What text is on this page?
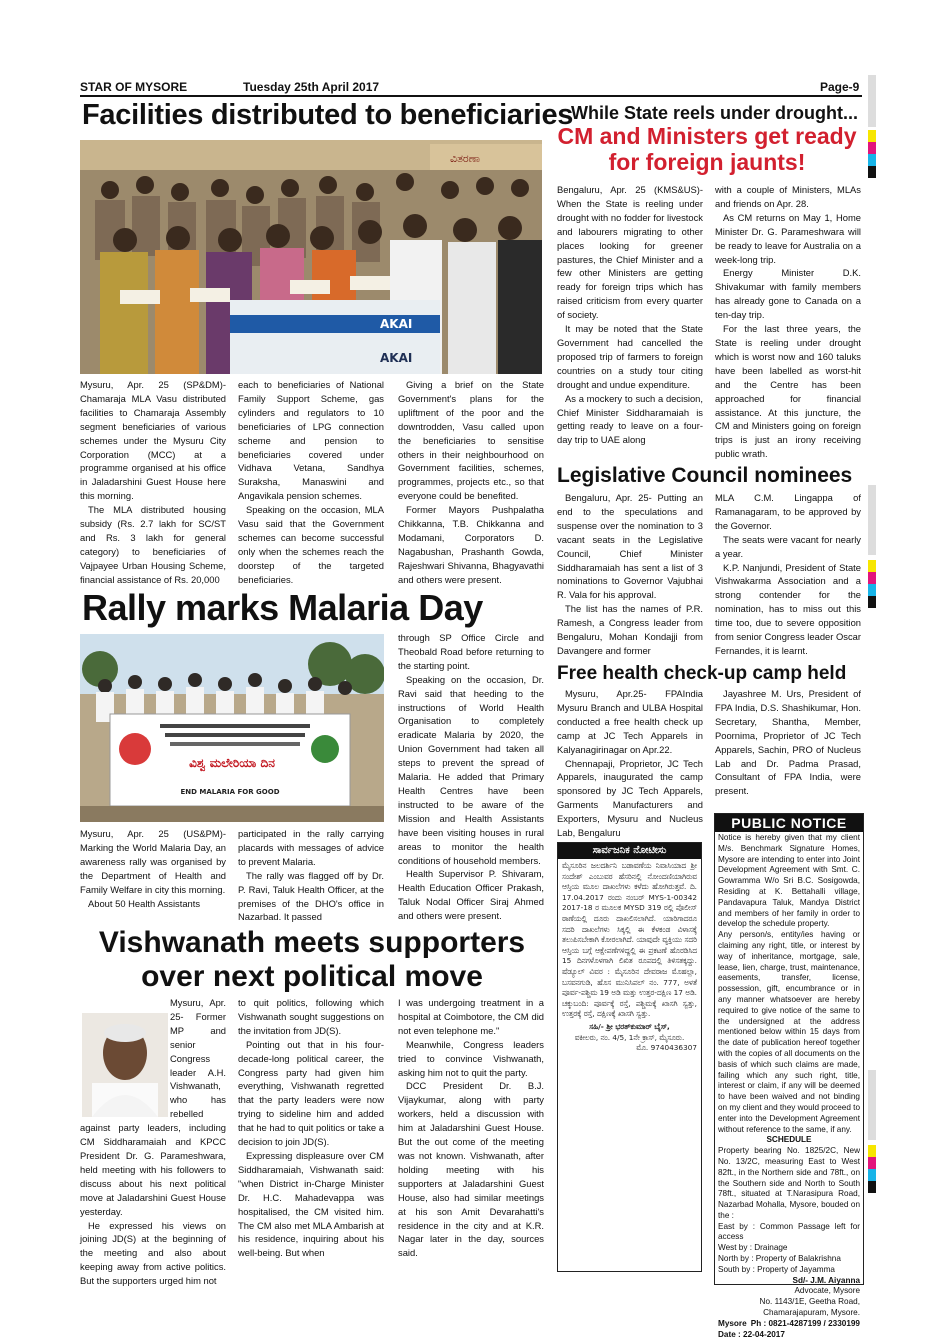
STAR OF MYSORE	Tuesday 25th April 2017	Page-9
Facilities distributed to beneficiaries
ವಿತರಣಾ
AKAI
AKAI

Mysuru, Apr. 25 (SP&DM)- Chamaraja MLA Vasu distributed facilities to Chamaraja Assembly segment beneficiaries of various schemes under the Mysuru City Corporation (MCC) at a programme organised at his office in Jaladarshini Guest House here this morning.

The MLA distributed housing subsidy (Rs. 2.7 lakh for SC/ST and Rs. 3 lakh for general category) to beneficiaries of Vajpayee Urban Housing Scheme, financial assistance of Rs. 20,000

each to beneficiaries of National Family Support Scheme, gas cylinders and regulators to 10 beneficiaries of LPG connection scheme and pension to beneficiaries covered under Vidhava Vetana, Sandhya Suraksha, Manaswini and Angavikala pension schemes.

Speaking on the occasion, MLA Vasu said that the Government schemes can become successful only when the schemes reach the doorstep of the targeted beneficiaries.

Giving a brief on the State Government's plans for the upliftment of the poor and the downtrodden, Vasu called upon the beneficiaries to sensitise others in their neighbourhood on Government facilities, schemes, programmes, projects etc., so that everyone could be benefited.

Former Mayors Pushpalatha Chikkanna, T.B. Chikkanna and Modamani, Corporators D. Nagabushan, Prashanth Gowda, Rajeshwari Shivanna, Bhagyavathi and others were present.

While State reels under drought...
CM and Ministers get ready
for foreign jaunts!

Bengaluru, Apr. 25 (KMS&US)- When the State is reeling under drought with no fodder for livestock and labourers migrating to other places looking for greener pastures, the Chief Minister and a few other Ministers are getting ready for foreign trips which has raised criticism from every quarter of society.

It may be noted that the State Government had cancelled the proposed trip of farmers to foreign countries on a study tour citing drought and undue expenditure.

As a mockery to such a decision, Chief Minister Siddharamaiah is getting ready to leave on a four-day trip to UAE along

with a couple of Ministers, MLAs and friends on Apr. 28.

As CM returns on May 1, Home Minister Dr. G. Parameshwara will be ready to leave for Australia on a week-long trip.

Energy Minister D.K. Shivakumar with family members has already gone to Canada on a ten-day trip.

For the last three years, the State is reeling under drought which is worst now and 160 taluks have been labelled as worst-hit and the Centre has been approached for financial assistance. At this juncture, the CM and Ministers going on foreign trips is just an irony receiving public wrath.

Legislative Council nominees

Bengaluru, Apr. 25- Putting an end to the speculations and suspense over the nomination to 3 vacant seats in the Legislative Council, Chief Minister Siddharamaiah has sent a list of 3 nominations to Governor Vajubhai R. Vala for his approval.

The list has the names of P.R. Ramesh, a Congress leader from Bengaluru, Mohan Kondajji from Davangere and former

MLA C.M. Lingappa of Ramanagaram, to be approved by the Governor.

The seats were vacant for nearly a year.

K.P. Nanjundi, President of State Vishwakarma Association and a strong contender for the nomination, has to miss out this time too, due to severe opposition from senior Congress leader Oscar Fernandes, it is learnt.

Rally marks Malaria Day
ವಿಶ್ವ ಮಲೇರಿಯಾ ದಿನ
END MALARIA FOR GOOD

Mysuru, Apr. 25 (US&PM)- Marking the World Malaria Day, an awareness rally was organised by the Department of Health and Family Welfare in city this morning.

About 50 Health Assistants

participated in the rally carrying placards with messages of advice to prevent Malaria.

The rally was flagged off by Dr. P. Ravi, Taluk Health Officer, at the premises of the DHO's office in Nazarbad. It passed

through SP Office Circle and Theobald Road before returning to the starting point.

Speaking on the occasion, Dr. Ravi said that heeding to the instructions of World Health Organisation to completely eradicate Malaria by 2020, the Union Government had taken all steps to prevent the spread of Malaria. He added that Primary Health Centres have been instructed to be aware of the Mission and Health Assistants have been visiting houses in rural areas to monitor the health conditions of household members.

Health Supervisor P. Shivaram, Health Education Officer Prakash, Taluk Nodal Officer Siraj Ahmed and others were present.

Free health check-up camp held

Mysuru, Apr.25- FPAIndia Mysuru Branch and ULBA Hospital conducted a free health check up camp at JC Tech Apparels in Kalyanagirinagar on Apr.22.

Chennapaji, Proprietor, JC Tech Apparels, inaugurated the camp sponsored by JC Tech Apparels, Garments Manufacturers and Exporters, Mysuru and Nucleus Lab, Bengaluru

Jayashree M. Urs, President of FPA India, D.S. Shashikumar, Hon. Secretary, Shantha, Member, Poornima, Proprietor of JC Tech Apparels, Sachin, PRO of Nucleus Lab and Dr. Padma Prasad, Consultant of FPA India, were present.

Vishwanath meets supporters
over next political move

Mysuru, Apr. 25- Former MP and senior Congress leader A.H. Vishwanath, who has rebelled against party leaders, including CM Siddharamaiah and KPCC President Dr. G. Parameshwara, held meeting with his followers to discuss about his next political move at Jaladarshini Guest House yesterday.

He expressed his views on joining JD(S) at the beginning of the meeting and also about keeping away from active politics. But the supporters urged him not

to quit politics, following which Vishwanath sought suggestions on the invitation from JD(S).

Pointing out that in his four-decade-long political career, the Congress party had given him everything, Vishwanath regretted that the party leaders were now trying to sideline him and added that he had to quit politics or take a decision to join JD(S).

Expressing displeasure over CM Siddharamaiah, Vishwanath said: "when District in-Charge Minister Dr. H.C. Mahadevappa was hospitalised, the CM visited him. The CM also met MLA Ambarish at his residence, inquiring about his well-being. But when

I was undergoing treatment in a hospital at Coimbotore, the CM did not even telephone me."

Meanwhile, Congress leaders tried to convince Vishwanath, asking him not to quit the party.

DCC President Dr. B.J. Vijaykumar, along with party workers, held a discussion with him at Jaladarshini Guest House. But the out come of the meeting was not known. Vishwanath, after holding meeting with his supporters at Jaladarshini Guest House, also had similar meetings at his son Amit Devarahatti's residence in the city and at K.R. Nagar later in the day, sources said.

ಸಾರ್ವಜನಿಕ ನೋಟೀಸು
ಮೈಸೂರಿನ ಜಲದರ್ಶಿನಿ ಬಡಾವಣೆಯ ನಿವಾಸಿಯಾದ ಶ್ರೀ ಸಂದೇಶ್ ಎಂಬುವರ ಹೆಸರಿನಲ್ಲಿ ನೋಂದಣಿಯಾಗಿರುವ ಆಸ್ತಿಯ ಮೂಲ ದಾಖಲೆಗಳು ಕಳೆದು ಹೋಗಿರುತ್ತವೆ. ದಿ. 17.04.2017 ರಂದು ನಂಬರ್ MYS-1-00342 2017-18 ರ ಮೂಲಕ MYSD 319 ರಲ್ಲಿ ಪೊಲೀಸ್ ಠಾಣೆಯಲ್ಲಿ ದೂರು ದಾಖಲಿಸಲಾಗಿದೆ. ಯಾರಿಗಾದರೂ ಸದರಿ ದಾಖಲೆಗಳು ಸಿಕ್ಕಲ್ಲಿ ಈ ಕೆಳಕಂಡ ವಿಳಾಸಕ್ಕೆ ತಲುಪಿಸಬೇಕಾಗಿ ಕೋರಲಾಗಿದೆ. ಯಾವುದೇ ವ್ಯಕ್ತಿಯು ಸದರಿ ಆಸ್ತಿಯ ಬಗ್ಗೆ ಆಕ್ಷೇಪಣೆಗಳಿದ್ದಲ್ಲಿ ಈ ಪ್ರಕಟಣೆ ಹೊರಡಿಸಿದ 15 ದಿನಗಳೊಳಗಾಗಿ ಲಿಖಿತ ರೂಪದಲ್ಲಿ ತಿಳಿಸತಕ್ಕದ್ದು. ಷೆಡ್ಯೂಲ್ ವಿವರ : ಮೈಸೂರಿನ ದೇವರಾಜ ಮೊಹಲ್ಲಾ, ಬಸವನಗುಡಿ, ಹೊಸ ಮುನಿಸಿಪಲ್ ನಂ. 777, ಅಳತೆ ಪೂರ್ವ-ಪಶ್ಚಿಮ 19 ಅಡಿ ಮತ್ತು ಉತ್ತರ-ದಕ್ಷಿಣ 17 ಅಡಿ. ಚಕ್ಕುಬಂದಿ: ಪೂರ್ವಕ್ಕೆ ರಸ್ತೆ, ಪಶ್ಚಿಮಕ್ಕೆ ಖಾಸಗಿ ಸ್ವತ್ತು, ಉತ್ತರಕ್ಕೆ ರಸ್ತೆ, ದಕ್ಷಿಣಕ್ಕೆ ಖಾಸಗಿ ಸ್ವತ್ತು.
ಸಹಿ/- ಶ್ರೀ ಭರತ್‌ಕುಮಾರ್ ಬೈಸ್,
ವಕೀಲರು, ನಂ. 4/5, 1ನೇ ಕ್ರಾಸ್, ಮೈಸೂರು.
ಮೊ. 9740436307
PUBLIC NOTICE
Notice is hereby given that my client M/s. Benchmark Signature Homes, Mysore are intending to enter into Joint Development Agreement with Smt. C. Gowramma W/o Sri B.C. Sosigowda, Residing at K. Bettahalli village, Pandavapura Taluk, Mandya District and members of her family in order to develop the schedule property.
Any person/s, entity/ies having or claiming any right, title, or interest by way of inheritance, mortgage, sale, lease, lien, charge, trust, maintenance, easements, transfer, license, possession, gift, encumbrance or in any manner whatsoever are hereby required to give notice of the same to the undersigned at the address mentioned below within 15 days from the date of publication hereof together with the copies of all documents on the basis of which such claims are made, failing which any such right, title, interest or claim, if any will be deemed to have been waived and not binding on my client and they would proceed to enter into the Development Agreement without reference to the same, if any.
SCHEDULE
Property bearing No. 1825/2C, New No. 13/2C, measuring East to West 82ft., in the Northern side and 78ft., on the Southern side and North to South 78ft., situated at T.Narasipura Road, Nazarbad Mohalla, Mysore, bouded on the :
East by : Common Passage left for access
West by : Drainage
North by : Property of Balakrishna
South by : Property of Jayamma
Sd/- J.M. Aiyanna
Advocate, Mysore
No. 1143/1E, Geetha Road,
Chamarajapuram, Mysore.
Mysore Ph : 0821-4287199 / 2330199
Date : 22-04-2017
